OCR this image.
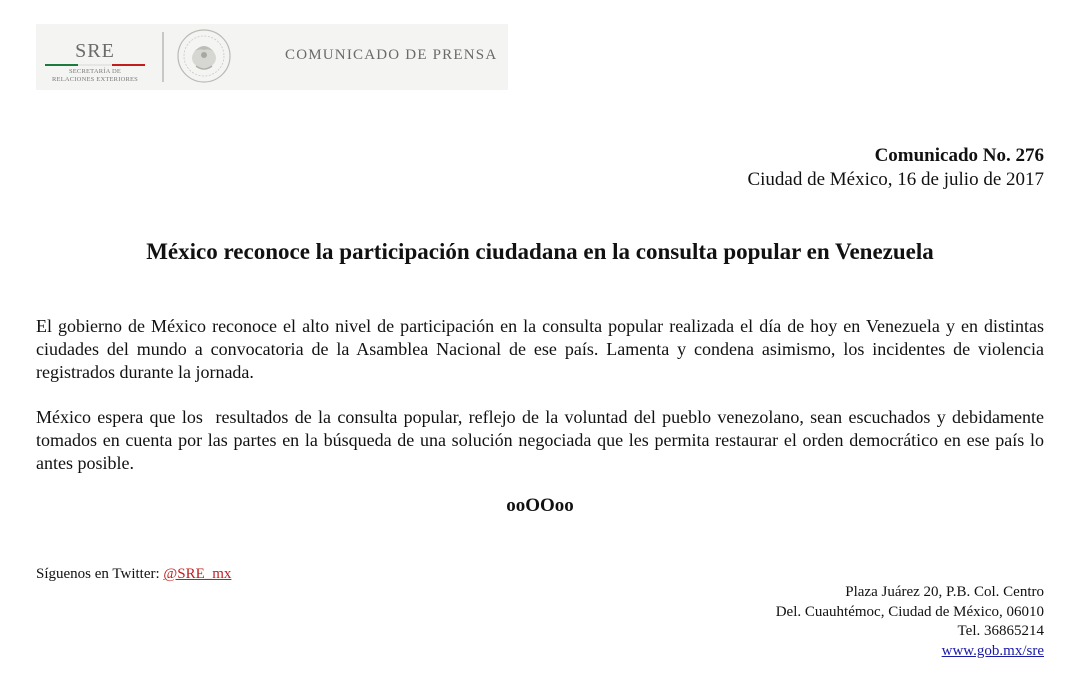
SRE
SECRETARÍA DE
RELACIONES EXTERIORES
COMUNICADO DE PRENSA
Comunicado No. 276
Ciudad de México, 16 de julio de 2017
México reconoce la participación ciudadana en la consulta popular en Venezuela

El gobierno de México reconoce el alto nivel de participación en la consulta popular realizada el día de hoy en Venezuela y en distintas ciudades del mundo a convocatoria de la Asamblea Nacional de ese país. Lamenta y condena asimismo, los incidentes de violencia registrados durante la jornada.

México espera que los  resultados de la consulta popular, reflejo de la voluntad del pueblo venezolano, sean escuchados y debidamente tomados en cuenta por las partes en la búsqueda de una solución negociada que les permita restaurar el orden democrático en ese país lo antes posible.

ooOOoo
Síguenos en Twitter: @SRE_mx
Plaza Juárez 20, P.B. Col. Centro
Del. Cuauhtémoc, Ciudad de México, 06010
Tel. 36865214
www.gob.mx/sre
